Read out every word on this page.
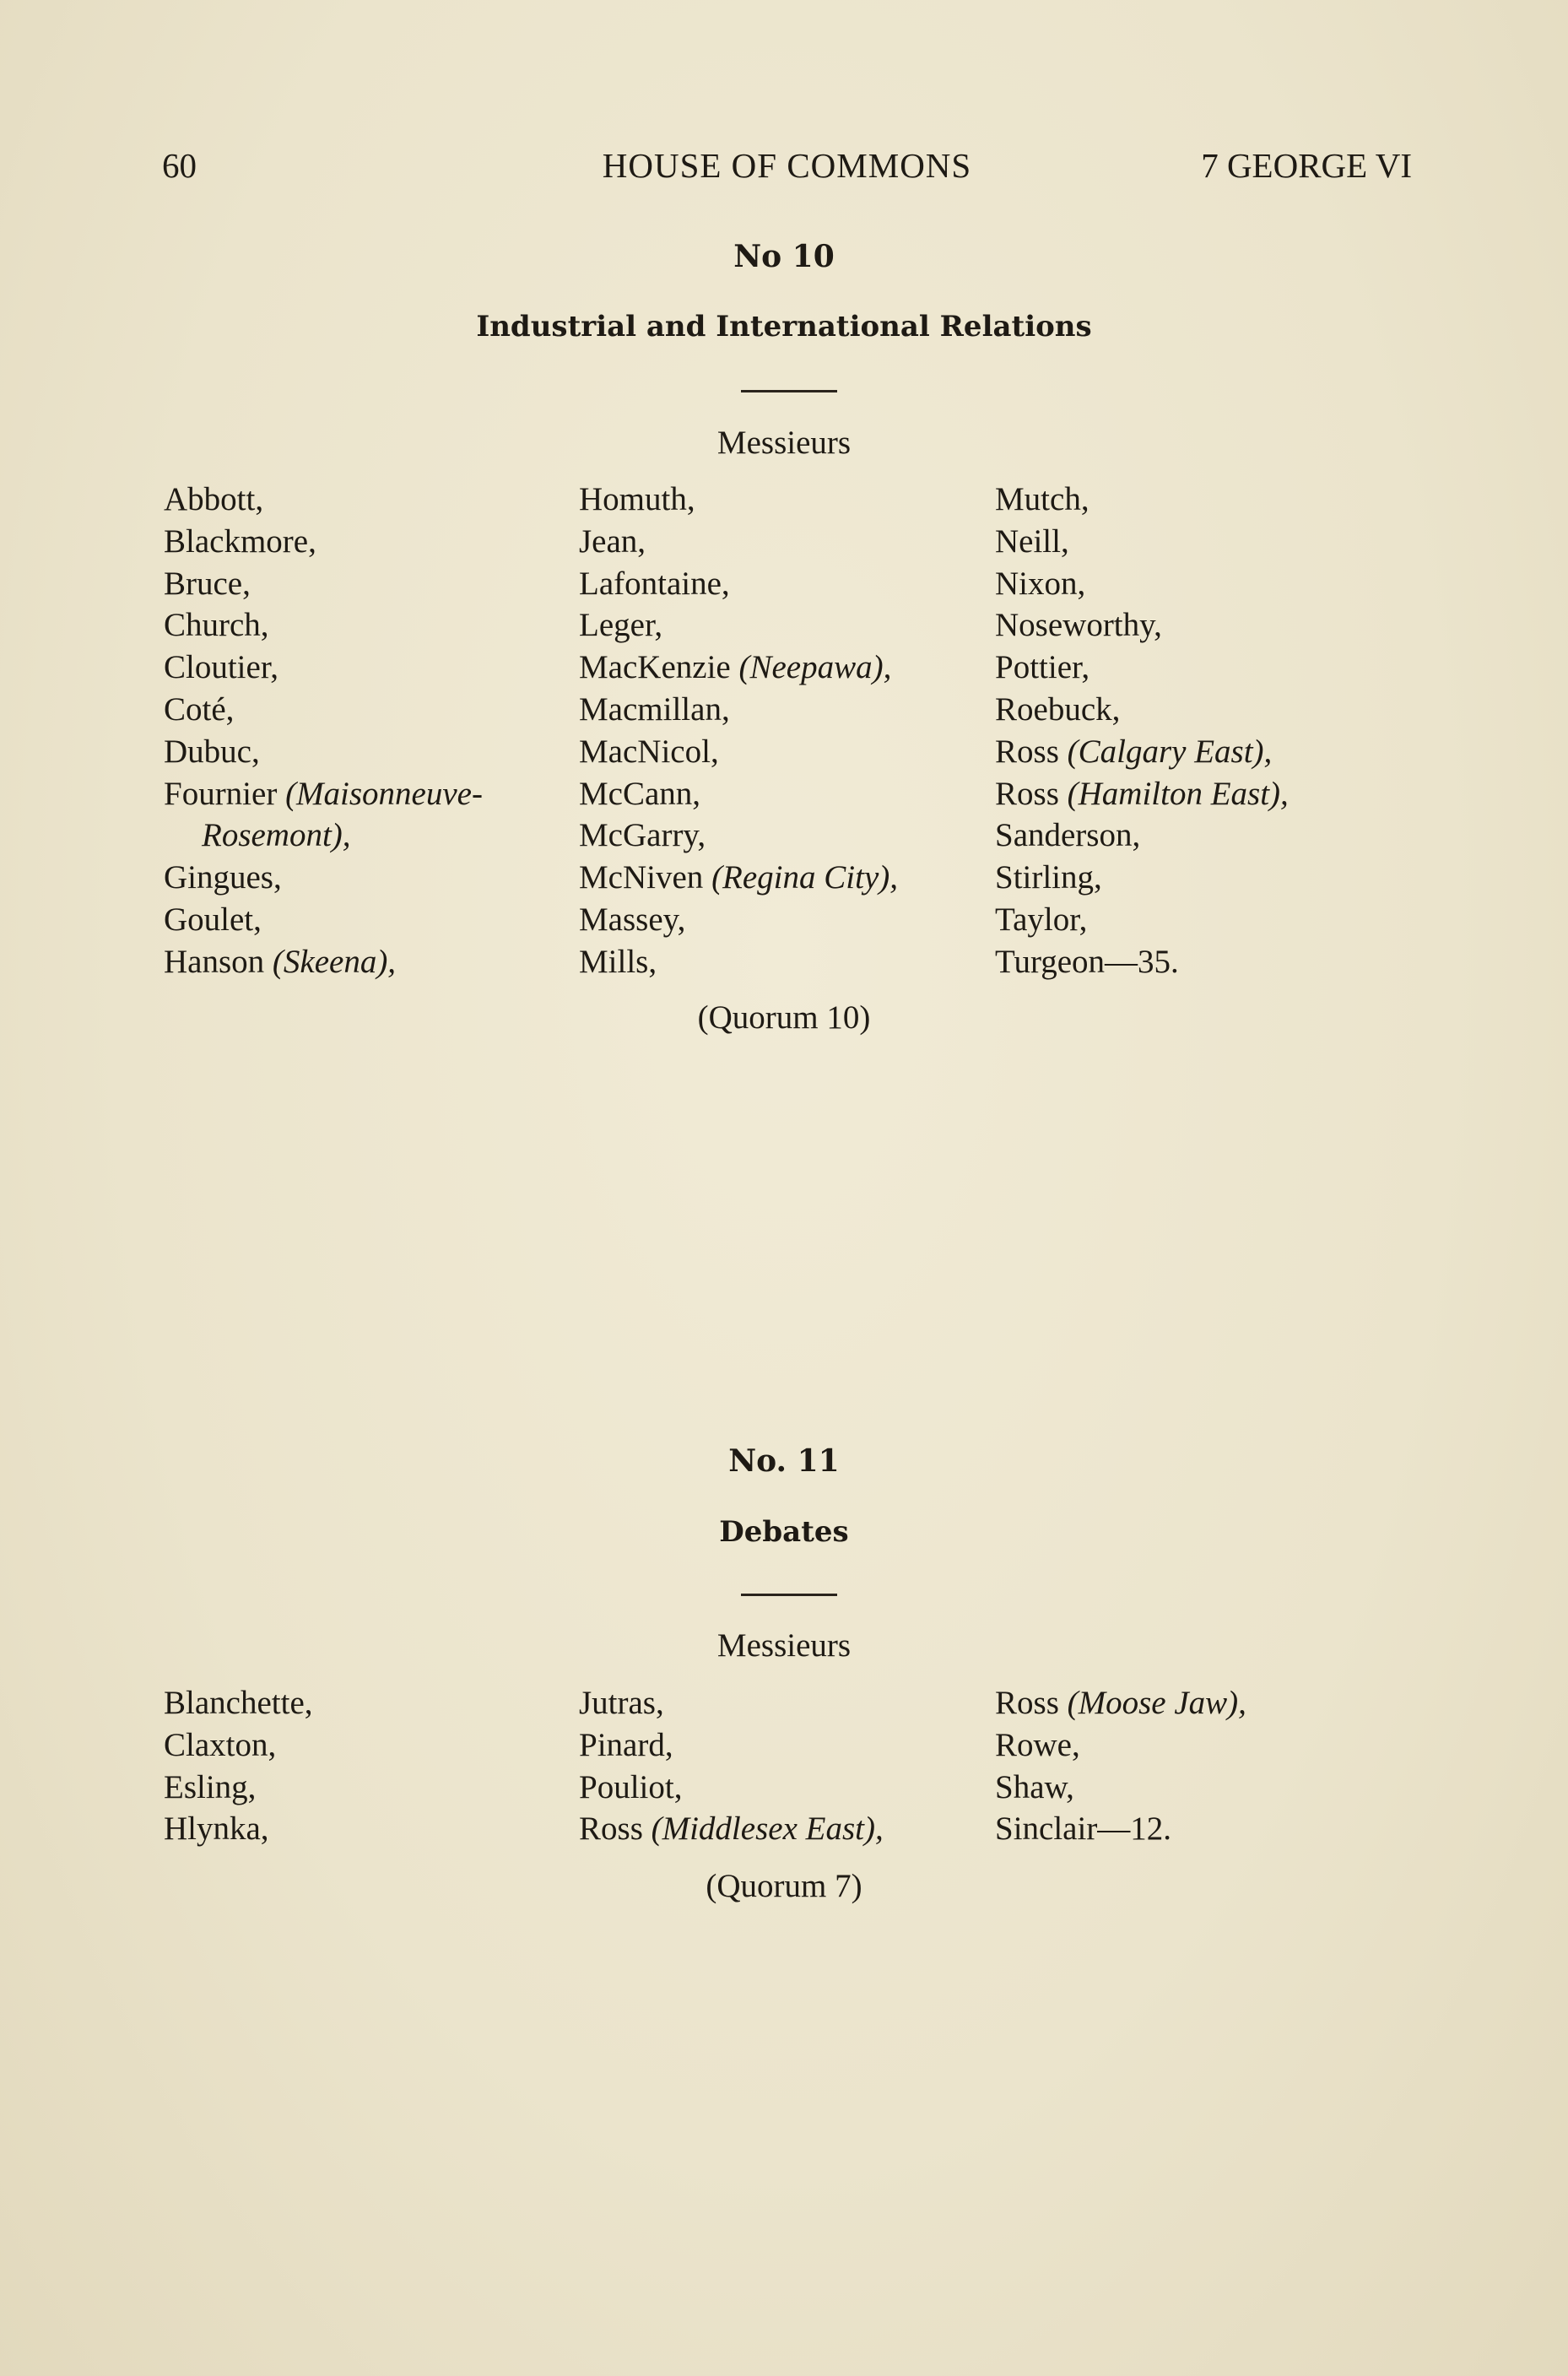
60	HOUSE OF COMMONS	7 GEORGE VI
No 10
Industrial and International Relations
Messieurs
Abbott,
Blackmore,
Bruce,
Church,
Cloutier,
Coté,
Dubuc,
Fournier (Maisonneuve-
Rosemont),
Gingues,
Goulet,
Hanson (Skeena),
Homuth,
Jean,
Lafontaine,
Leger,
MacKenzie (Neepawa),
Macmillan,
MacNicol,
McCann,
McGarry,
McNiven (Regina City),
Massey,
Mills,
Mutch,
Neill,
Nixon,
Noseworthy,
Pottier,
Roebuck,
Ross (Calgary East),
Ross (Hamilton East),
Sanderson,
Stirling,
Taylor,
Turgeon—35.
(Quorum 10)
No. 11
Debates
Messieurs
Blanchette,
Claxton,
Esling,
Hlynka,
Jutras,
Pinard,
Pouliot,
Ross (Middlesex East),
Ross (Moose Jaw),
Rowe,
Shaw,
Sinclair—12.
(Quorum 7)
